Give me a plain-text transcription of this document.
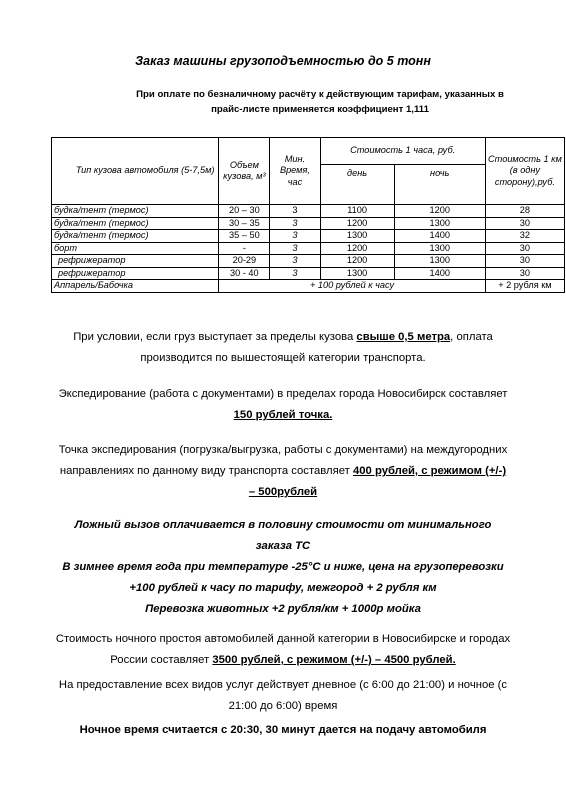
Заказ машины грузоподъемностью до 5 тонн
При оплате по безналичному расчёту к действующим тарифам, указанных в
прайс-листе применяется коэффициент 1,111
Тип кузова автомобиля (5-7,5м)	Объем кузова, м³	Мин. Время, час	Стоимость 1 часа, руб.		Стоимость 1 км (в одну сторону),руб.
			день	ночь	
будка/тент (термос)	20 – 30	3	1100	1200	28
будка/тент (термос)	30 – 35	3	1200	1300	30
будка/тент (термос)	35 – 50	3	1300	1400	32
борт	-	3	1200	1300	30
рефрижератор	20-29	3	1200	1300	30
рефрижератор	30 - 40	3	1300	1400	30
Аппарель/Бабочка	+ 100 рублей к часу				+ 2 рубля км
При условии, если груз выступает за пределы кузова свыше 0,5 метра, оплата производится по вышестоящей категории транспорта.
Экспедирование (работа с документами) в пределах города Новосибирск составляет 150 рублей точка.
Точка экспедирования (погрузка/выгрузка, работы с документами) на междугородних направлениях по данному виду транспорта составляет 400 рублей, с режимом (+/-) – 500рублей
Ложный вызов оплачивается в половину стоимости от минимального заказа ТС
В зимнее время года при температуре -25°С и ниже, цена на грузоперевозки +100 рублей к часу по тарифу, межгород + 2 рубля км
Перевозка животных +2 рубля/км + 1000р мойка
Стоимость ночного простоя автомобилей данной категории в Новосибирске и городах России составляет 3500 рублей, с режимом (+/-) – 4500 рублей.
На предоставление всех видов услуг действует дневное (с 6:00 до 21:00) и ночное (с 21:00 до 6:00) время
Ночное время считается с 20:30, 30 минут дается на подачу автомобиля
